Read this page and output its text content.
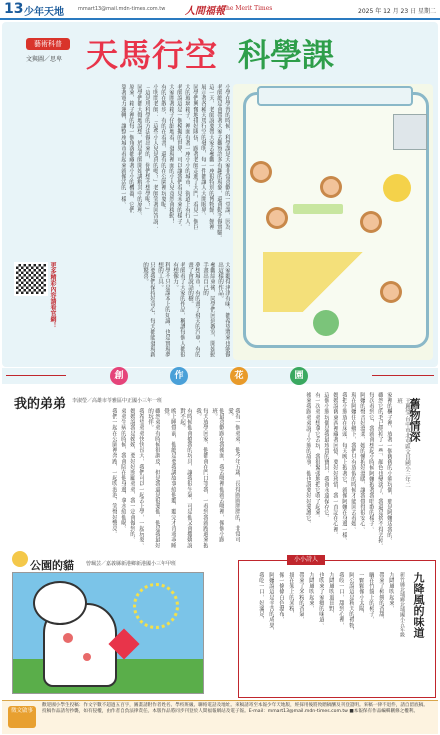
13 少年天地	mmart13@mail.mdn-times.com.tw 人間福報
The Merit Times	2025 年 12 月 23 日 星期二
藝術科普
文與圖／思卑 天馬行空 科學課
小學在學習的時候，科學課是大家非常喜歡的一堂課，因為
老師總是會帶著大家去觀察許多有趣的現象，還會動手做實驗。
這一天，老師說要帶大家去參觀一座很特別的博物館，館裡
展示著各種天馬行空的發明，每一件都讓人大開眼界。
同學們興奮地排好隊伍，跟著老師走進了大門，看見一個巨
大的玻璃箱子，裡面有著一座小小的城市，街道上有行人。
老師說這是一個模擬的世界，可以讓我們看見未來的樣子。
大家圍著箱子仔細地看，發現裡面的小人兒竟然會移動！
有的在散步，有的在看書，還有的在公園裡玩耍呢。
小明問老師：「這些小人兒是真的嗎？」老師笑著回答說：
「這是用科學的方法做出來的，你們想不想學呢？」
同學們都大聲地說想，於是老師開始講解其中的原理。
原來，箱子裡的每一個角落都藏著小小的機器，它們
靠著電力運轉，讓整座城市看起來就像活的一樣。
大家聽得津津有味，都希望將來也能做出這樣的作品。
參觀結束後，同學們回到教室，開始動手畫出自己的
夢想城市，有的畫了飛天的汽車，有的畫了會說話的樹。
老師看了大家的作品，稱讚每個人都很有想像力。
科學不只是課本上的知識，也是實現夢想的工具。
只要我們保持好奇心，每天都能發現新的驚喜。
更多精彩內容請看官網！
創	作	花	園
我的弟弟 李淑瑩／高雄市苓雅區中正國小三年一班
我有一個弟弟，他今年五歲，長得圓圓胖胖的，非常可愛。
他最喜歡跟在我後面，我去哪裡他就去哪裡，像個小跟班。
每天放學回家，他都會在門口等我，一看到我就跑過來抱我。
有時候他會搶我的玩具，讓我很生氣，可是他又會撒嬌說對不起。
晚上睡覺前，他總是要我講故事給他聽，聽完才肯乖乖睡覺。
雖然弟弟有時候很調皮，但是我還是很愛他，他是我最好的玩伴。
我希望弟弟快快長大，我們可以一起去上學，一起玩耍。
媽媽說我是姊姊，要好好照顧弟弟，我一定會做到的。
弟弟生病的時候，我會陪在他身邊，拿水給他喝。
我們一起在公園裡奔跑，一起吹泡泡，笑聲好響亮。	舊物情深
王麗瑩 台中市北屯區文昌國小三年二班
家裡的櫃子裡，放著一個舊舊的小熊玩偶，那是阿嬤送我的。
雖然它的毛已經掉了一些，顏色也變淡了，我還是捨不得丟掉。
每次看到它，我就會想起小時候阿嬤抱著我唱歌的樣子。
阿嬤的聲音好溫柔，她的懷抱好溫暖，讓我覺得很安心。
現在阿嬤住在鄉下，我們只有放假的時候才能回去看她。
我把小熊放在床頭，每天晚上抱著它，就像阿嬤在身邊一樣。
媽媽說舊東西裡藏著回憶，要好好珍惜，我一直記在心裡。
這個小熊玩偶是我最珍貴的寶貝，我會永遠保存它。
有一次弟弟想拿它去玩，我很緊張地把它收了起來。
後來我跟弟弟說了小熊的故事，他也說要好好愛護它。
公園的貓 曾珮芸／嘉義縣新港鄉新港國小三年甲班
小小詩人
九降風的味道
新竹縣北埔鄉北埔國小五年級
九降風吹起來，
帶來了柿餅的香甜，
曬在竹篩上的柿子，
一顆顆像小太陽，
阿公說這是秋天的禮物，
我咬一口，甜到心裡，
九降風吹過田野，
也吹來了家鄉的味道。
九降風吹起來，
帶來了米粉的香氣，
掛在架上的米粉，
像一條條白色瀑布，
阿嬤說這是辛苦的成果，
我吃一口，好滿足，
徵文啟事
歡迎國小學生投稿：作文字數不超過五百字，圖畫請附作者姓名、學校班級、聯絡電話及地址。來稿請寄至本報少年天地版，經採用後將致贈稿酬及刊登證明。來稿一律不退件，請自留底稿。投稿作品請勿抄襲，如有侵權，由作者自負法律責任。本版作品將同步刊登於人間福報網站及電子報。E-mail：mmart13@mail.mdn-times.com.tw ■本報保有作品編輯刪修之權利。
